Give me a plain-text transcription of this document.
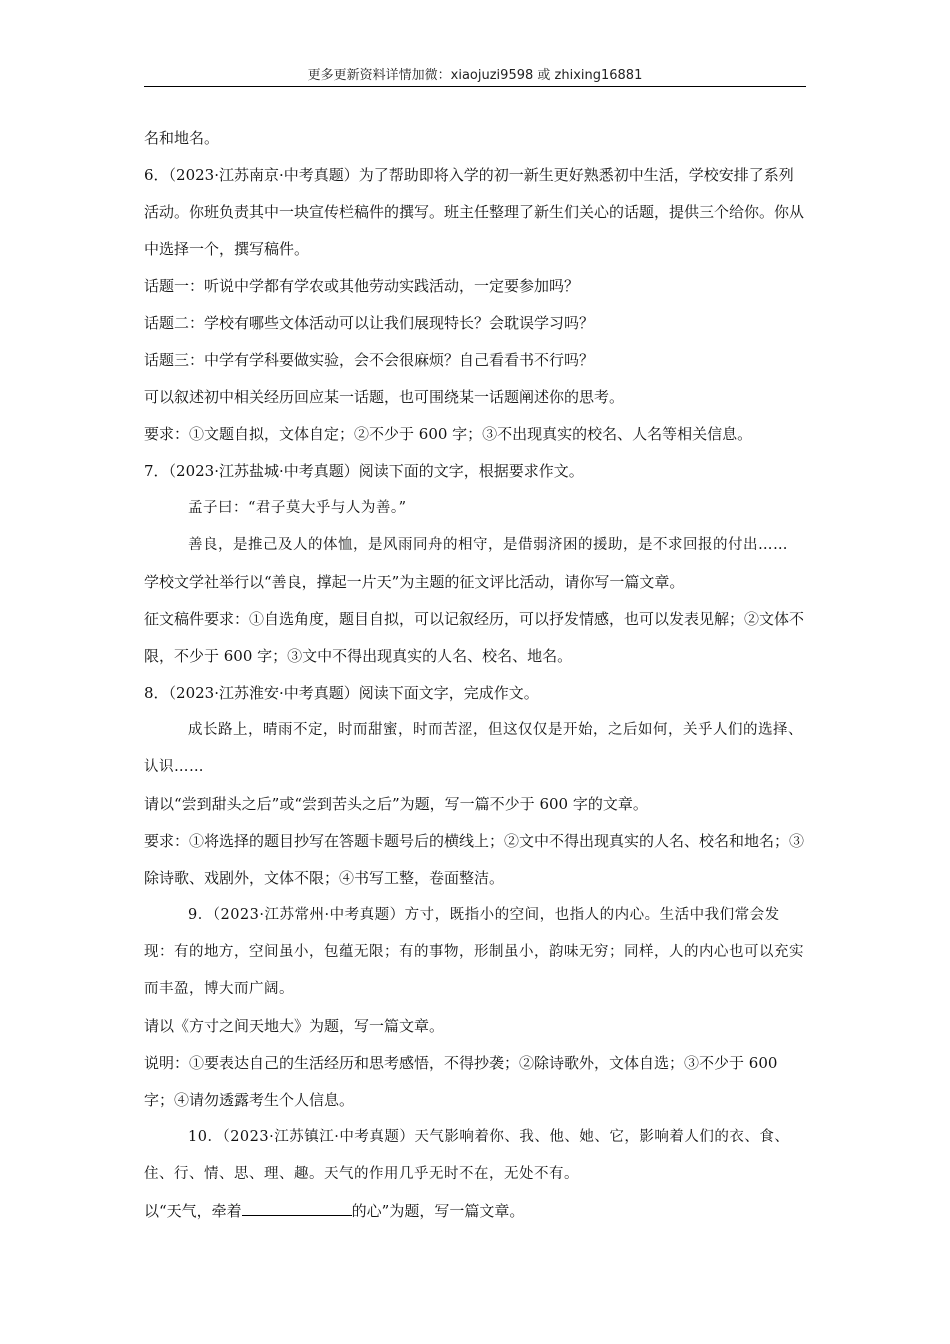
更多更新资料详情加微：xiaojuzi9598 或 zhixing16881

名和地名。

6．（2023·江苏南京·中考真题）为了帮助即将入学的初一新生更好熟悉初中生活，学校安排了系列活动。你班负责其中一块宣传栏稿件的撰写。班主任整理了新生们关心的话题，提供三个给你。你从中选择一个，撰写稿件。

话题一：听说中学都有学农或其他劳动实践活动，一定要参加吗？

话题二：学校有哪些文体活动可以让我们展现特长？会耽误学习吗？

话题三：中学有学科要做实验，会不会很麻烦？自己看看书不行吗？

可以叙述初中相关经历回应某一话题，也可围绕某一话题阐述你的思考。

要求：①文题自拟，文体自定；②不少于 600 字；③不出现真实的校名、人名等相关信息。

7．（2023·江苏盐城·中考真题）阅读下面的文字，根据要求作文。

孟子曰：“君子莫大乎与人为善。”

善良，是推己及人的体恤，是风雨同舟的相守，是借弱济困的援助，是不求回报的付出……

学校文学社举行以“善良，撑起一片天”为主题的征文评比活动，请你写一篇文章。

征文稿件要求：①自选角度，题目自拟，可以记叙经历，可以抒发情感，也可以发表见解；②文体不限，不少于 600 字；③文中不得出现真实的人名、校名、地名。

8．（2023·江苏淮安·中考真题）阅读下面文字，完成作文。

成长路上，晴雨不定，时而甜蜜，时而苦涩，但这仅仅是开始，之后如何，关乎人们的选择、认识……

请以“尝到甜头之后”或“尝到苦头之后”为题，写一篇不少于 600 字的文章。

要求：①将选择的题目抄写在答题卡题号后的横线上；②文中不得出现真实的人名、校名和地名；③除诗歌、戏剧外，文体不限；④书写工整，卷面整洁。

9．（2023·江苏常州·中考真题）方寸，既指小的空间，也指人的内心。生活中我们常会发现：有的地方，空间虽小，包蕴无限；有的事物，形制虽小，韵味无穷；同样，人的内心也可以充实而丰盈，博大而广阔。

请以《方寸之间天地大》为题，写一篇文章。

说明：①要表达自己的生活经历和思考感悟，不得抄袭；②除诗歌外，文体自选；③不少于 600 字；④请勿透露考生个人信息。

10．（2023·江苏镇江·中考真题）天气影响着你、我、他、她、它，影响着人们的衣、食、住、行、情、思、理、趣。天气的作用几乎无时不在，无处不有。

以“天气，牵着	的心”为题，写一篇文章。
